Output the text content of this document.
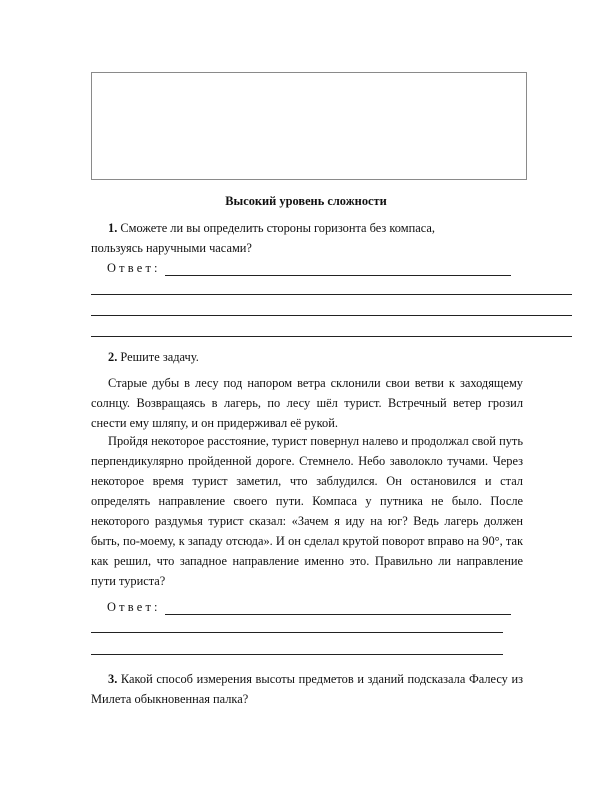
Высокий уровень сложности

1. Сможете ли вы определить стороны горизонта без компаса,
пользуясь наручными часами?

Ответ:

2. Решите задачу.

Старые дубы в лесу под напором ветра склонили свои ветви к заходящему солнцу. Возвращаясь в лагерь, по лесу шёл турист. Встречный ветер грозил снести ему шляпу, и он придерживал её рукой.

Пройдя некоторое расстояние, турист повернул налево и продолжал свой путь перпендикулярно пройденной дороге. Стемнело. Небо заволокло тучами. Через некоторое время турист заметил, что заблудился. Он остановился и стал определять направление своего пути. Компаса у путника не было. После некоторого раздумья турист сказал: «Зачем я иду на юг? Ведь лагерь должен быть, по-моему, к западу отсюда». И он сделал крутой поворот вправо на 90°, так как решил, что западное направление именно это. Правильно ли направление пути туриста?

Ответ:

3. Какой способ измерения высоты предметов и зданий подсказала Фалесу из Милета обыкновенная палка?
